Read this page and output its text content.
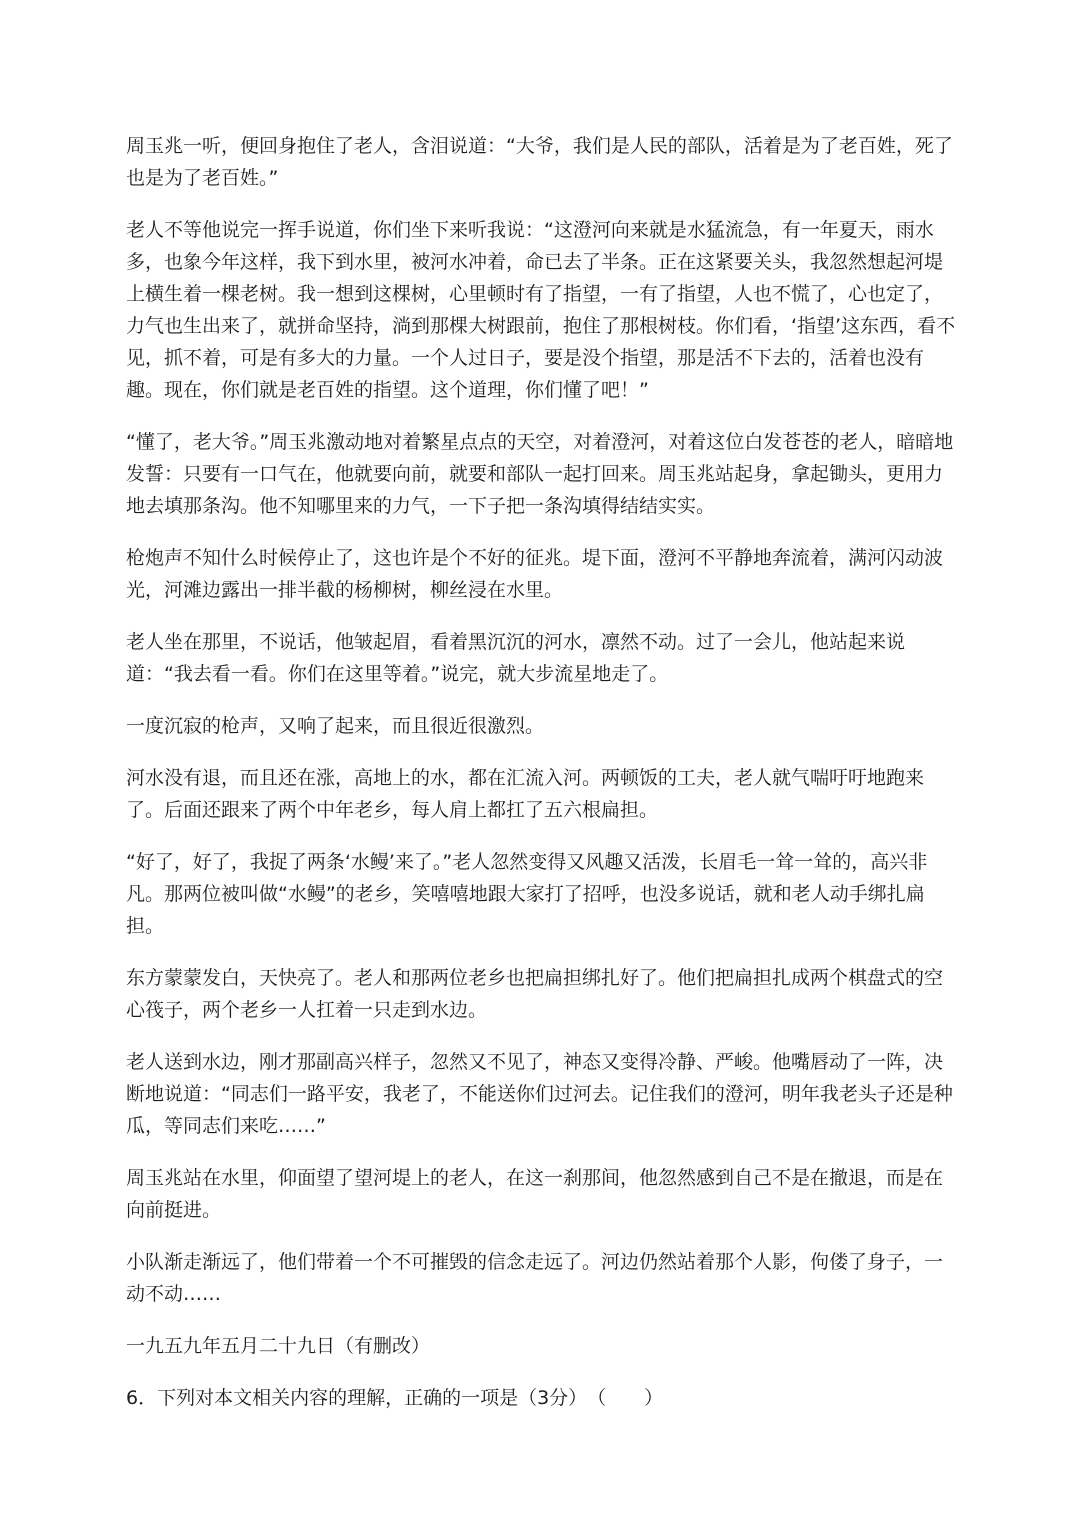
周玉兆一听，便回身抱住了老人，含泪说道：“大爷，我们是人民的部队，活着是为了老百姓，死了也是为了老百姓。”

老人不等他说完一挥手说道，你们坐下来听我说：“这澄河向来就是水猛流急，有一年夏天，雨水多，也象今年这样，我下到水里，被河水冲着，命已去了半条。正在这紧要关头，我忽然想起河堤上横生着一棵老树。我一想到这棵树，心里顿时有了指望，一有了指望，人也不慌了，心也定了，力气也生出来了，就拼命坚持，淌到那棵大树跟前，抱住了那根树枝。你们看，‘指望’这东西，看不见，抓不着，可是有多大的力量。一个人过日子，要是没个指望，那是活不下去的，活着也没有趣。现在，你们就是老百姓的指望。这个道理，你们懂了吧！”

“懂了，老大爷。”周玉兆激动地对着繁星点点的天空，对着澄河，对着这位白发苍苍的老人，暗暗地发誓：只要有一口气在，他就要向前，就要和部队一起打回来。周玉兆站起身，拿起锄头，更用力地去填那条沟。他不知哪里来的力气，一下子把一条沟填得结结实实。

枪炮声不知什么时候停止了，这也许是个不好的征兆。堤下面，澄河不平静地奔流着，满河闪动波光，河滩边露出一排半截的杨柳树，柳丝浸在水里。

老人坐在那里，不说话，他皱起眉，看着黑沉沉的河水，凛然不动。过了一会儿，他站起来说道：“我去看一看。你们在这里等着。”说完，就大步流星地走了。

一度沉寂的枪声，又响了起来，而且很近很激烈。

河水没有退，而且还在涨，高地上的水，都在汇流入河。两顿饭的工夫，老人就气喘吁吁地跑来了。后面还跟来了两个中年老乡，每人肩上都扛了五六根扁担。

“好了，好了，我捉了两条‘水鳗’来了。”老人忽然变得又风趣又活泼，长眉毛一耸一耸的，高兴非凡。那两位被叫做“水鳗”的老乡，笑嘻嘻地跟大家打了招呼，也没多说话，就和老人动手绑扎扁担。

东方蒙蒙发白，天快亮了。老人和那两位老乡也把扁担绑扎好了。他们把扁担扎成两个棋盘式的空心筏子，两个老乡一人扛着一只走到水边。

老人送到水边，刚才那副高兴样子，忽然又不见了，神态又变得冷静、严峻。他嘴唇动了一阵，决断地说道：“同志们一路平安，我老了，不能送你们过河去。记住我们的澄河，明年我老头子还是种瓜，等同志们来吃……”

周玉兆站在水里，仰面望了望河堤上的老人，在这一刹那间，他忽然感到自己不是在撤退，而是在向前挺进。

小队渐走渐远了，他们带着一个不可摧毁的信念走远了。河边仍然站着那个人影，佝偻了身子，一动不动……

一九五九年五月二十九日（有删改）

6．下列对本文相关内容的理解，正确的一项是（3分）　（　　）
